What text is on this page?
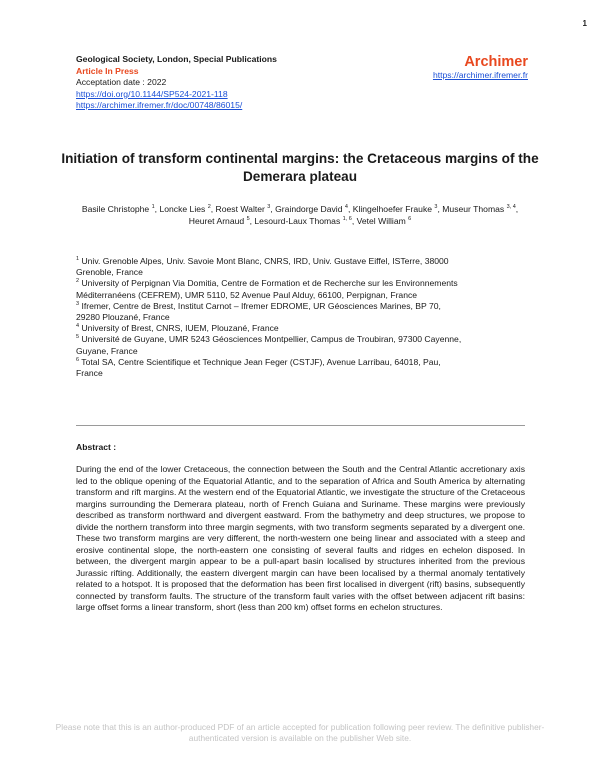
1
Geological Society, London, Special Publications
Article In Press
Acceptation date : 2022
https://doi.org/10.1144/SP524-2021-118
https://archimer.ifremer.fr/doc/00748/86015/
Archimer
https://archimer.ifremer.fr
Initiation of transform continental margins: the Cretaceous margins of the Demerara plateau

Basile Christophe $^1$, Loncke Lies $^2$, Roest Walter $^3$, Graindorge David $^4$, Klingelhoefer Frauke $^3$, Museur Thomas $^{3, 4}$, Heuret Arnaud $^5$, Lesourd-Laux Thomas $^{1, 6}$, Vetel William $^6$

$^1$ Univ. Grenoble Alpes, Univ. Savoie Mont Blanc, CNRS, IRD, Univ. Gustave Eiffel, ISTerre, 38000 Grenoble, France

$^2$ University of Perpignan Via Domitia, Centre de Formation et de Recherche sur les Environnements Méditerranéens (CEFREM), UMR 5110, 52 Avenue Paul Alduy, 66100, Perpignan, France

$^3$ Ifremer, Centre de Brest, Institut Carnot – Ifremer EDROME, UR Géosciences Marines, BP 70, 29280 Plouzané, France

$^4$ University of Brest, CNRS, IUEM, Plouzané, France

$^5$ Université de Guyane, UMR 5243 Géosciences Montpellier, Campus de Troubiran, 97300 Cayenne, Guyane, France

$^6$ Total SA, Centre Scientifique et Technique Jean Feger (CSTJF), Avenue Larribau, 64018, Pau, France

Abstract :

During the end of the lower Cretaceous, the connection between the South and the Central Atlantic accretionary axis led to the oblique opening of the Equatorial Atlantic, and to the separation of Africa and South America by alternating transform and rift margins. At the western end of the Equatorial Atlantic, we investigate the structure of the Cretaceous margins surrounding the Demerara plateau, north of French Guiana and Suriname. These margins were previously described as transform northward and divergent eastward. From the bathymetry and deep structures, we propose to divide the northern transform into three margin segments, with two transform segments separated by a divergent one. These two transform margins are very different, the north-western one being linear and associated with a steep and erosive continental slope, the north-eastern one consisting of several faults and ridges en echelon disposed. In between, the divergent margin appear to be a pull-apart basin localised by structures inherited from the previous Jurassic rifting. Additionally, the eastern divergent margin can have been localised by a thermal anomaly tentatively related to a hotspot. It is proposed that the deformation has been first localised in divergent (rift) basins, subsequently connected by transform faults. The structure of the transform fault varies with the offset between adjacent rift basins: large offset forms a linear transform, short (less than 200 km) offset forms en echelon structures.

Please note that this is an author-produced PDF of an article accepted for publication following peer review. The definitive publisher-authenticated version is available on the publisher Web site.
